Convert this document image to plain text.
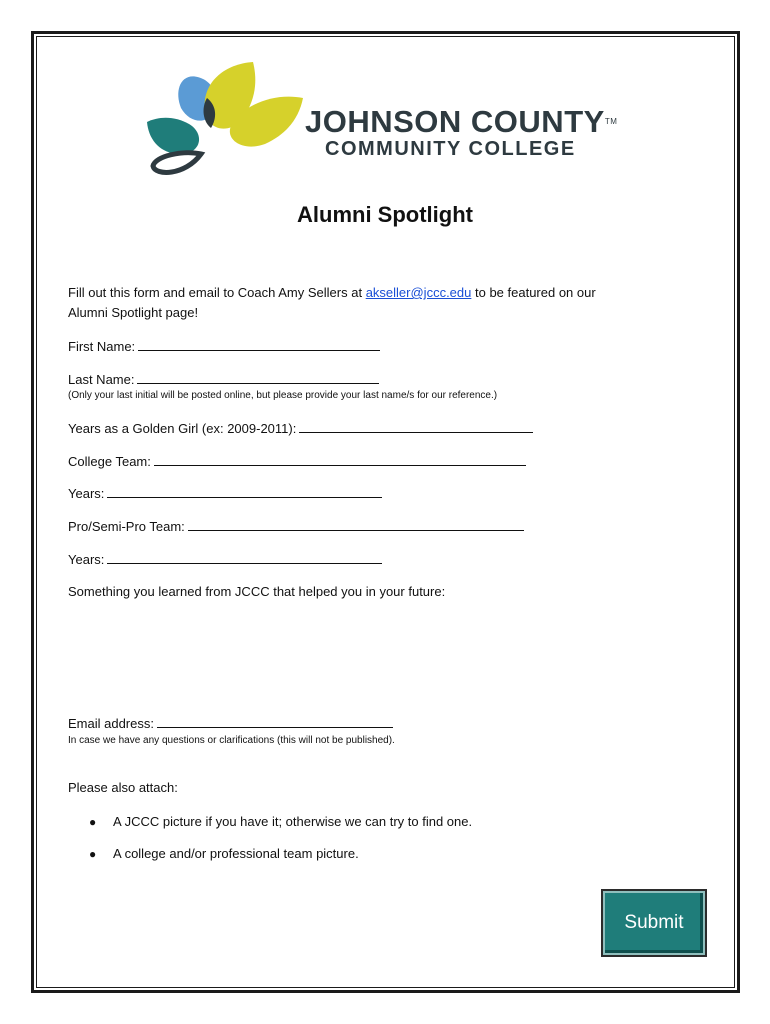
JOHNSON COUNTY™
COMMUNITY COLLEGE
Alumni Spotlight
Fill out this form and email to Coach Amy Sellers at akseller@jccc.edu to be featured on our
Alumni Spotlight page!
First Name:
Last Name:
(Only your last initial will be posted online, but please provide your last name/s for our reference.)
Years as a Golden Girl (ex: 2009-2011):
College Team:
Years:
Pro/Semi-Pro Team:
Years:
Something you learned from JCCC that helped you in your future:
Email address:
In case we have any questions or clarifications (this will not be published).
Please also attach:
● A JCCC picture if you have it; otherwise we can try to find one.
● A college and/or professional team picture.
Submit
